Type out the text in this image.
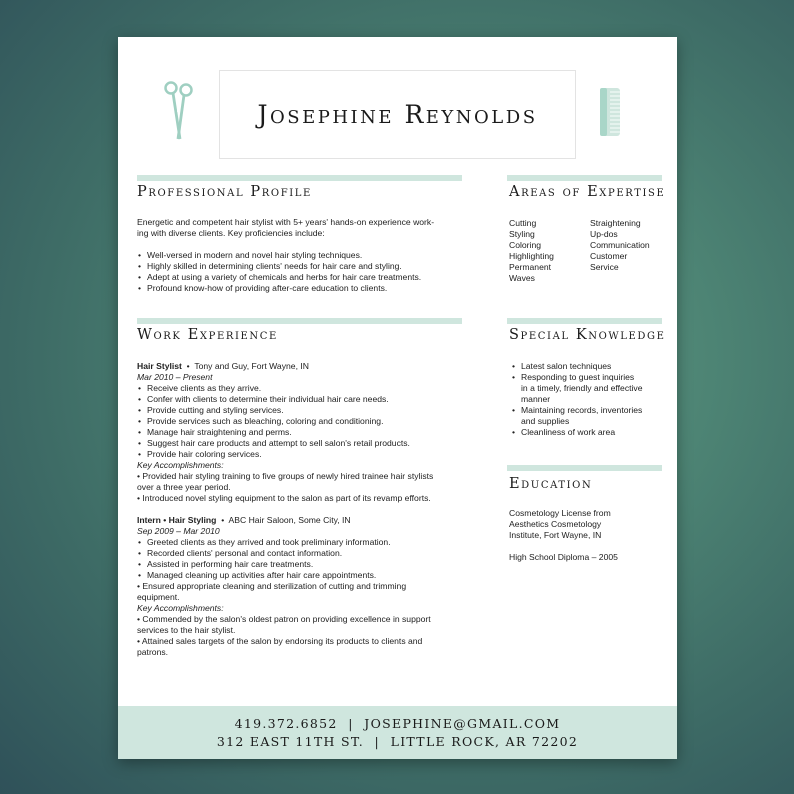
Josephine Reynolds
Professional Profile

Energetic and competent hair stylist with 5+ years' hands-on experience work-

ing with diverse clients. Key proficiencies include:

• Well-versed in modern and novel hair styling techniques.
• Highly skilled in determining clients' needs for hair care and styling.
• Adept at using a variety of chemicals and herbs for hair care treatments.
• Profound know-how of providing after-care education to clients.
Areas of Expertise
Cutting
Styling
Coloring
Highlighting
Permanent
Waves
Straightening
Up-dos
Communication
Customer
Service
Work Experience

Hair Stylist  •  Tony and Guy, Fort Wayne, IN

Mar 2010 – Present

• Receive clients as they arrive.
• Confer with clients to determine their individual hair care needs.
• Provide cutting and styling services.
• Provide services such as bleaching, coloring and conditioning.
• Manage hair straightening and perms.
• Suggest hair care products and attempt to sell salon's retail products.
• Provide hair coloring services.

Key Accomplishments:

• Provided hair styling training to five groups of newly hired trainee hair stylists

over a three year period.

• Introduced novel styling equipment to the salon as part of its revamp efforts.

Intern • Hair Styling  •  ABC Hair Saloon, Some City, IN

Sep 2009 – Mar 2010

• Greeted clients as they arrived and took preliminary information.
• Recorded clients' personal and contact information.
• Assisted in performing hair care treatments.
• Managed cleaning up activities after hair care appointments.

• Ensured appropriate cleaning and sterilization of cutting and trimming

equipment.

Key Accomplishments:

• Commended by the salon's oldest patron on providing excellence in support

services to the hair stylist.

• Attained sales targets of the salon by endorsing its products to clients and

patrons.

Special Knowledge
• Latest salon techniques
• Responding to guest inquiries
in a timely, friendly and effective
manner
• Maintaining records, inventories
and supplies
• Cleanliness of work area
Education

Cosmetology License from

Aesthetics Cosmetology

Institute, Fort Wayne, IN

High School Diploma – 2005

419.372.6852 | JOSEPHINE@GMAIL.COM
312 EAST 11TH ST. | LITTLE ROCK, AR 72202
